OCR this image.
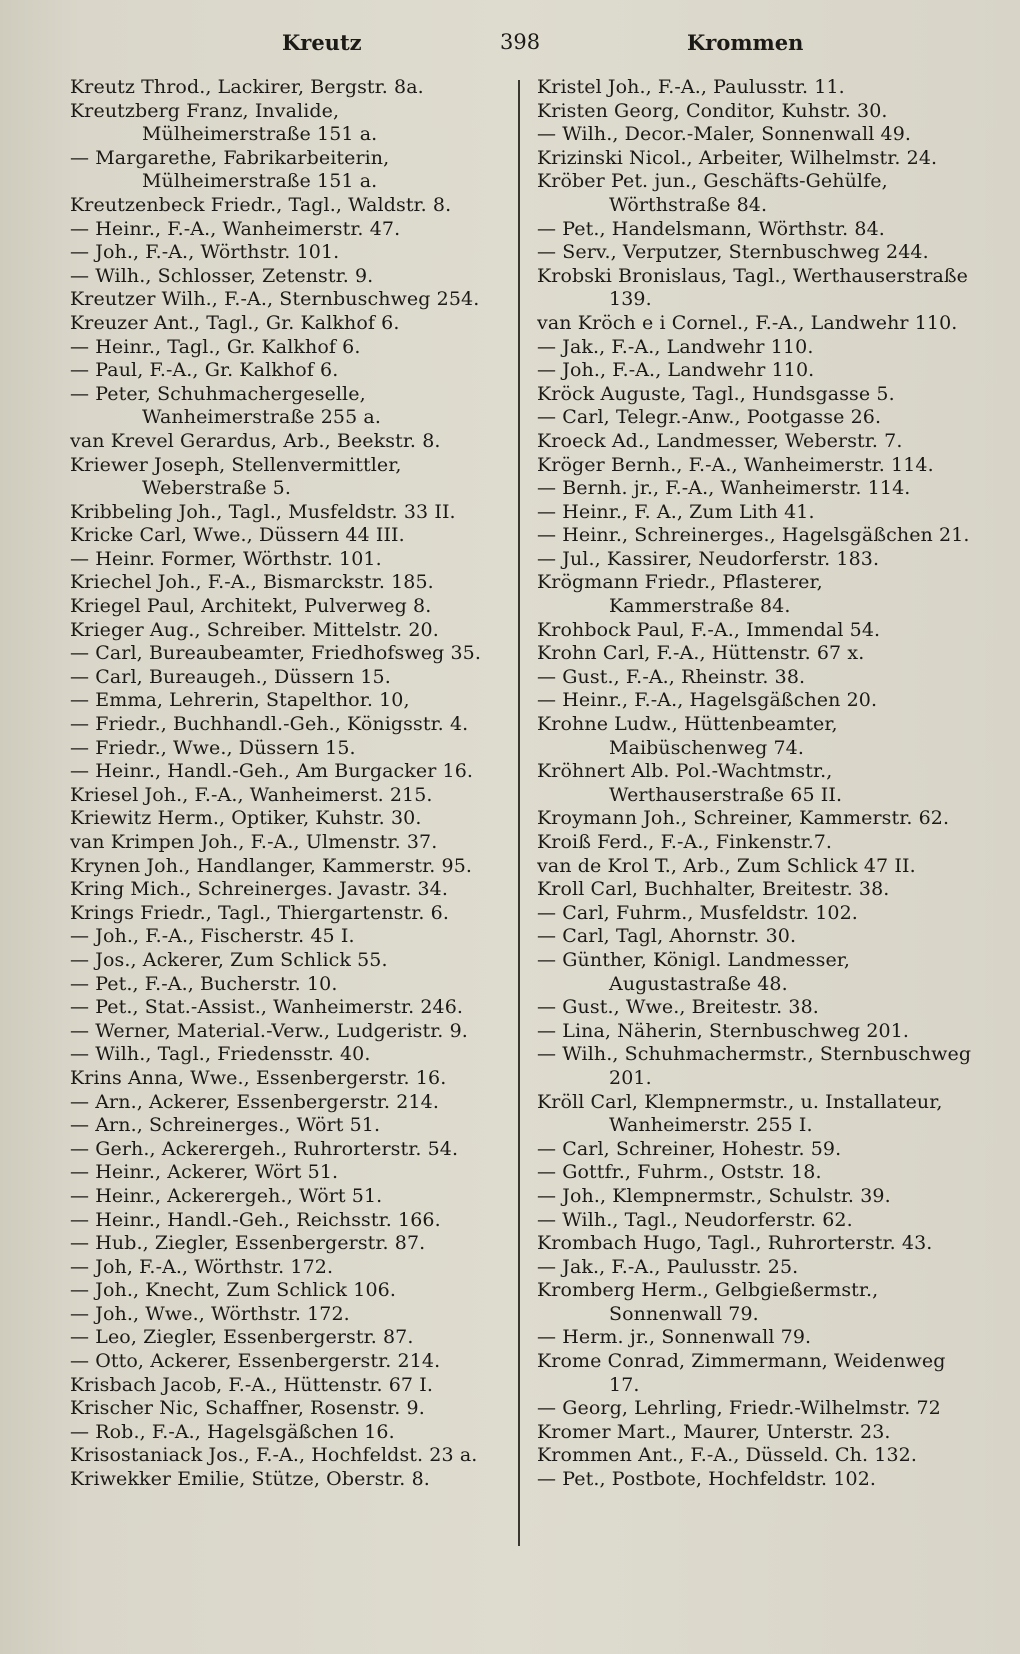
Kreutz	398	Krommen

Kreutz Throd., Lackirer, Bergstr. 8a.

Kreutzberg Franz, Invalide, Mülheimerstraße 151 a.

— Margarethe, Fabrikarbeiterin, Mülheimerstraße 151 a.

Kreutzenbeck Friedr., Tagl., Waldstr. 8.

— Heinr., F.-A., Wanheimerstr. 47.

— Joh., F.-A., Wörthstr. 101.

— Wilh., Schlosser, Zetenstr. 9.

Kreutzer Wilh., F.-A., Sternbuschweg 254.

Kreuzer Ant., Tagl., Gr. Kalkhof 6.

— Heinr., Tagl., Gr. Kalkhof 6.

— Paul, F.-A., Gr. Kalkhof 6.

— Peter, Schuhmachergeselle, Wanheimerstraße 255 a.

van Krevel Gerardus, Arb., Beekstr. 8.

Kriewer Joseph, Stellenvermittler, Weberstraße 5.

Kribbeling Joh., Tagl., Musfeldstr. 33 II.

Kricke Carl, Wwe., Düssern 44 III.

— Heinr. Former, Wörthstr. 101.

Kriechel Joh., F.-A., Bismarckstr. 185.

Kriegel Paul, Architekt, Pulverweg 8.

Krieger Aug., Schreiber. Mittelstr. 20.

— Carl, Bureaubeamter, Friedhofsweg 35.

— Carl, Bureaugeh., Düssern 15.

— Emma, Lehrerin, Stapelthor. 10,

— Friedr., Buchhandl.-Geh., Königsstr. 4.

— Friedr., Wwe., Düssern 15.

— Heinr., Handl.-Geh., Am Burgacker 16.

Kriesel Joh., F.-A., Wanheimerst. 215.

Kriewitz Herm., Optiker, Kuhstr. 30.

van Krimpen Joh., F.-A., Ulmenstr. 37.

Krynen Joh., Handlanger, Kammerstr. 95.

Kring Mich., Schreinerges. Javastr. 34.

Krings Friedr., Tagl., Thiergartenstr. 6.

— Joh., F.-A., Fischerstr. 45 I.

— Jos., Ackerer, Zum Schlick 55.

— Pet., F.-A., Bucherstr. 10.

— Pet., Stat.-Assist., Wanheimerstr. 246.

— Werner, Material.-Verw., Ludgeristr. 9.

— Wilh., Tagl., Friedensstr. 40.

Krins Anna, Wwe., Essenbergerstr. 16.

— Arn., Ackerer, Essenbergerstr. 214.

— Arn., Schreinerges., Wört 51.

— Gerh., Ackerergeh., Ruhrorterstr. 54.

— Heinr., Ackerer, Wört 51.

— Heinr., Ackerergeh., Wört 51.

— Heinr., Handl.-Geh., Reichsstr. 166.

— Hub., Ziegler, Essenbergerstr. 87.

— Joh, F.-A., Wörthstr. 172.

— Joh., Knecht, Zum Schlick 106.

— Joh., Wwe., Wörthstr. 172.

— Leo, Ziegler, Essenbergerstr. 87.

— Otto, Ackerer, Essenbergerstr. 214.

Krisbach Jacob, F.-A., Hüttenstr. 67 I.

Krischer Nic, Schaffner, Rosenstr. 9.

— Rob., F.-A., Hagelsgäßchen 16.

Krisostaniack Jos., F.-A., Hochfeldst. 23 a.

Kriwekker Emilie, Stütze, Oberstr. 8.

Kristel Joh., F.-A., Paulusstr. 11.

Kristen Georg, Conditor, Kuhstr. 30.

— Wilh., Decor.-Maler, Sonnenwall 49.

Krizinski Nicol., Arbeiter, Wilhelmstr. 24.

Kröber Pet. jun., Geschäfts-Gehülfe, Wörthstraße 84.

— Pet., Handelsmann, Wörthstr. 84.

— Serv., Verputzer, Sternbuschweg 244.

Krobski Bronislaus, Tagl., Werthauserstraße 139.

van Kröch e i Cornel., F.-A., Landwehr 110.

— Jak., F.-A., Landwehr 110.

— Joh., F.-A., Landwehr 110.

Kröck Auguste, Tagl., Hundsgasse 5.

— Carl, Telegr.-Anw., Pootgasse 26.

Kroeck Ad., Landmesser, Weberstr. 7.

Kröger Bernh., F.-A., Wanheimerstr. 114.

— Bernh. jr., F.-A., Wanheimerstr. 114.

— Heinr., F. A., Zum Lith 41.

— Heinr., Schreinerges., Hagelsgäßchen 21.

— Jul., Kassirer, Neudorferstr. 183.

Krögmann Friedr., Pflasterer, Kammerstraße 84.

Krohbock Paul, F.-A., Immendal 54.

Krohn Carl, F.-A., Hüttenstr. 67 x.

— Gust., F.-A., Rheinstr. 38.

— Heinr., F.-A., Hagelsgäßchen 20.

Krohne Ludw., Hüttenbeamter, Maibüschenweg 74.

Kröhnert Alb. Pol.-Wachtmstr., Werthauserstraße 65 II.

Kroymann Joh., Schreiner, Kammerstr. 62.

Kroiß Ferd., F.-A., Finkenstr.7.

van de Krol T., Arb., Zum Schlick 47 II.

Kroll Carl, Buchhalter, Breitestr. 38.

— Carl, Fuhrm., Musfeldstr. 102.

— Carl, Tagl, Ahornstr. 30.

— Günther, Königl. Landmesser, Augustastraße 48.

— Gust., Wwe., Breitestr. 38.

— Lina, Näherin, Sternbuschweg 201.

— Wilh., Schuhmachermstr., Sternbuschweg 201.

Kröll Carl, Klempnermstr., u. Installateur, Wanheimerstr. 255 I.

— Carl, Schreiner, Hohestr. 59.

— Gottfr., Fuhrm., Oststr. 18.

— Joh., Klempnermstr., Schulstr. 39.

— Wilh., Tagl., Neudorferstr. 62.

Krombach Hugo, Tagl., Ruhrorterstr. 43.

— Jak., F.-A., Paulusstr. 25.

Kromberg Herm., Gelbgießermstr., Sonnenwall 79.

— Herm. jr., Sonnenwall 79.

Krome Conrad, Zimmermann, Weidenweg 17.

— Georg, Lehrling, Friedr.-Wilhelmstr. 72

Kromer Mart., Maurer, Unterstr. 23.

Krommen Ant., F.-A., Düsseld. Ch. 132.

— Pet., Postbote, Hochfeldstr. 102.
